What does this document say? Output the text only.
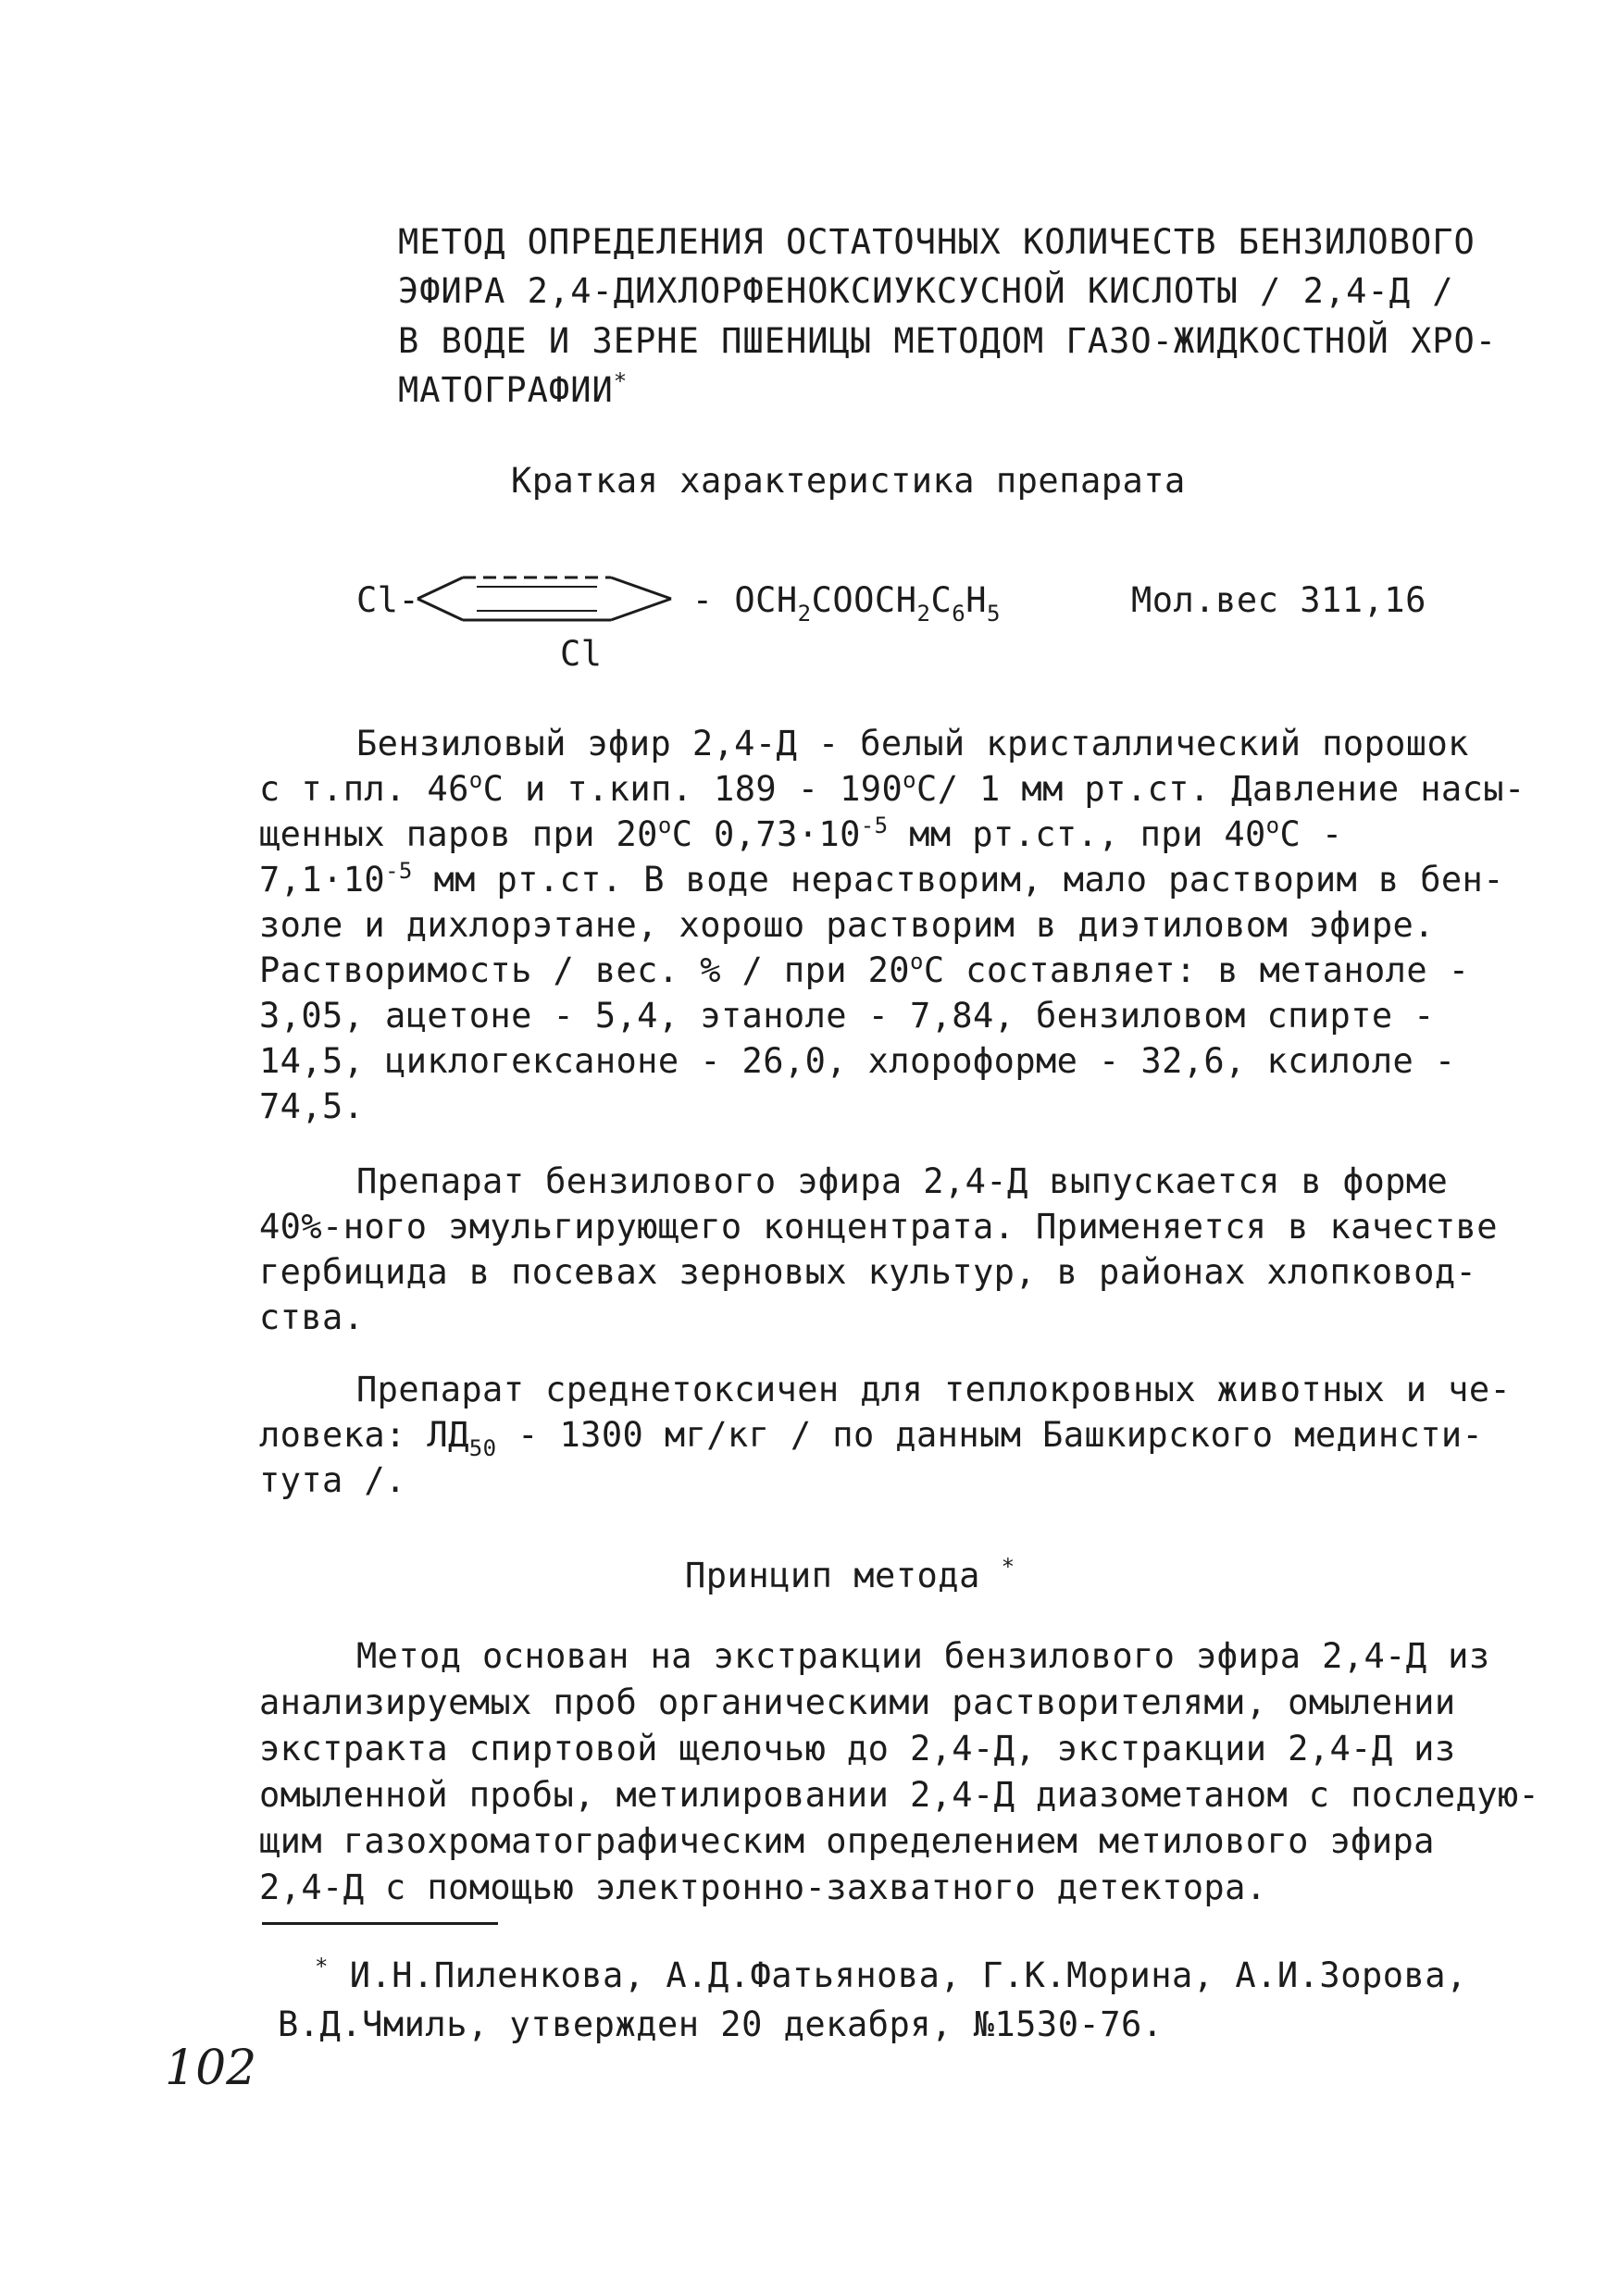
МЕТОД ОПРЕДЕЛЕНИЯ ОСТАТОЧНЫХ КОЛИЧЕСТВ БЕНЗИЛОВОГО
ЭФИРА 2,4-ДИХЛОРФЕНОКСИУКСУСНОЙ КИСЛОТЫ / 2,4-Д /
В ВОДЕ И ЗЕРНЕ ПШЕНИЦЫ МЕТОДОМ ГАЗО-ЖИДКОСТНОЙ ХРО-
МАТОГРАФИИ*
Краткая характеристика препарата
Cl-	- $OCH_2COOCH_2C_6H_5$
Cl
Мол.вес 311,16
Бензиловый эфир 2,4-Д - белый кристаллический порошок
с т.пл. $46^оС$ и т.кип. $189 - 190^оС/$ 1 мм рт.ст. Давление насы-
щенных паров при $20^оС$ $0,73\cdot 10^{-5}$ мм рт.ст., при $40^оС$ -
$7,1\cdot 10^{-5}$ мм рт.ст. В воде нерастворим, мало растворим в бен-
золе и дихлорэтане, хорошо растворим в диэтиловом эфире.
Растворимость / вес. % / при $20^оС$ составляет: в метаноле -
3,05, ацетоне - 5,4, этаноле - 7,84, бензиловом спирте -
14,5, циклогексаноне - 26,0, хлороформе - 32,6, ксилоле -
74,5.
Препарат бензилового эфира 2,4-Д выпускается в форме
40%-ного эмульгирующего концентрата. Применяется в качестве
гербицида в посевах зерновых культур, в районах хлопковод-
ства.
Препарат среднетоксичен для теплокровных животных и че-
ловека: $ЛД_{50} - 1300$ мг/кг / по данным Башкирского мединсти-
тута /.
Принцип метода *
Метод основан на экстракции бензилового эфира 2,4-Д из
анализируемых проб органическими растворителями, омылении
экстракта спиртовой щелочью до 2,4-Д, экстракции 2,4-Д из
омыленной пробы, метилировании 2,4-Д диазометаном с последую-
щим газохроматографическим определением метилового эфира
2,4-Д с помощью электронно-захватного детектора.
* И.Н.Пиленкова, А.Д.Фатьянова, Г.К.Морина, А.И.Зорова,
В.Д.Чмиль, утвержден 20 декабря, №1530-76.
102
